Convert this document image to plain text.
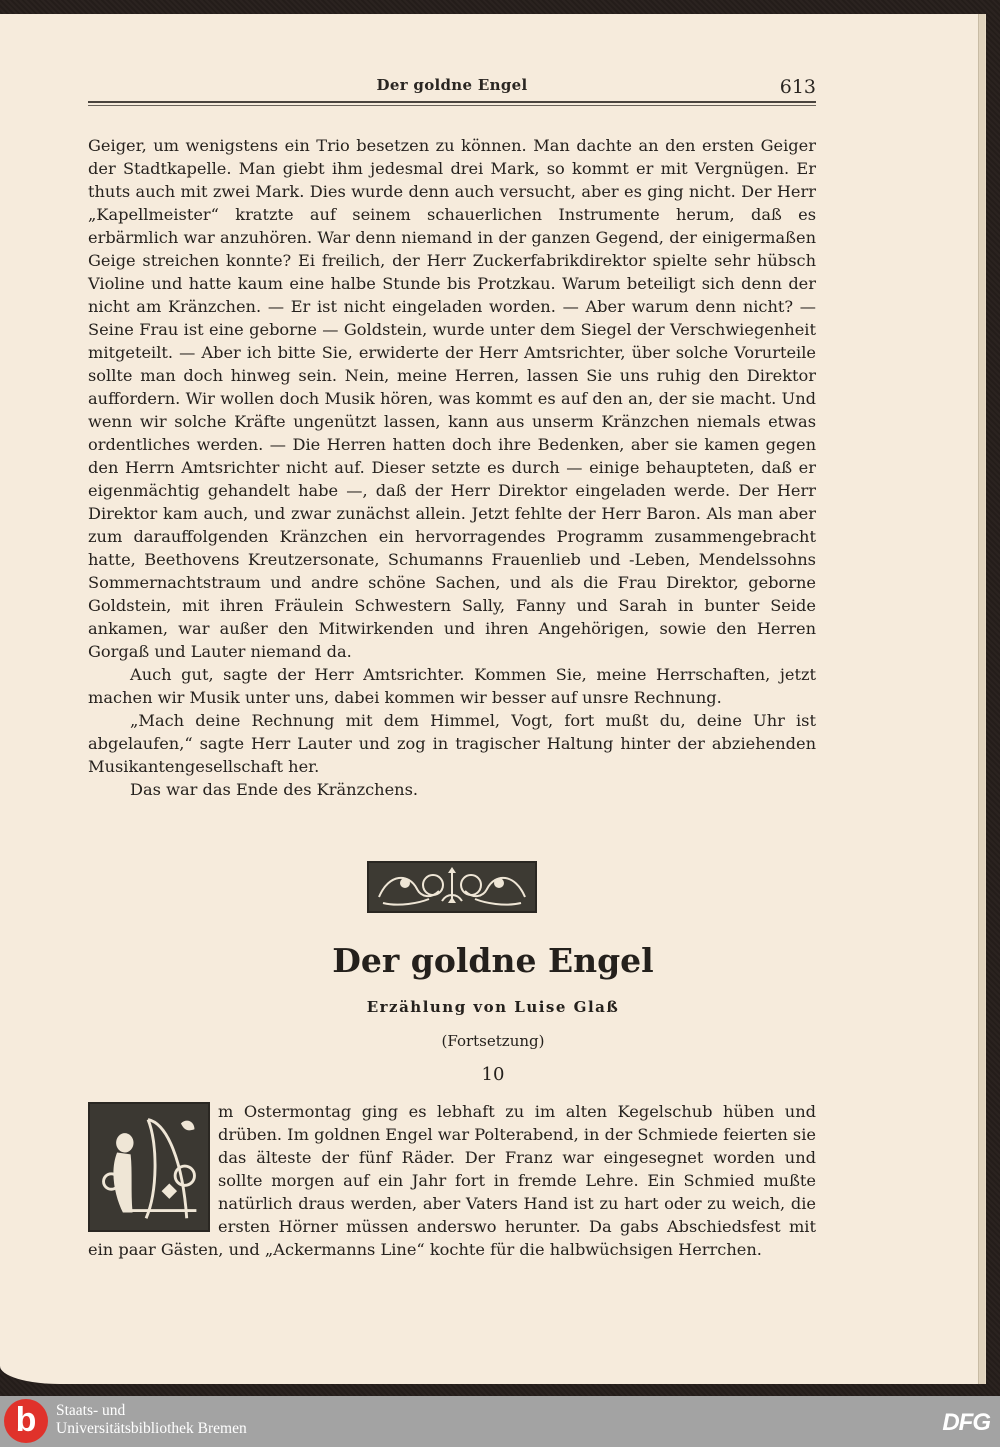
Der goldne Engel	613

Geiger, um wenigstens ein Trio besetzen zu können. Man dachte an den ersten Geiger der Stadtkapelle. Man giebt ihm jedesmal drei Mark, so kommt er mit Vergnügen. Er thuts auch mit zwei Mark. Dies wurde denn auch versucht, aber es ging nicht. Der Herr „Kapellmeister“ kratzte auf seinem schauerlichen Instrumente herum, daß es erbärmlich war anzuhören. War denn niemand in der ganzen Gegend, der einigermaßen Geige streichen konnte? Ei freilich, der Herr Zuckerfabrikdirektor spielte sehr hübsch Violine und hatte kaum eine halbe Stunde bis Protzkau. Warum beteiligt sich denn der nicht am Kränzchen. — Er ist nicht eingeladen worden. — Aber warum denn nicht? — Seine Frau ist eine geborne — Goldstein, wurde unter dem Siegel der Verschwiegenheit mitgeteilt. — Aber ich bitte Sie, erwiderte der Herr Amtsrichter, über solche Vorurteile sollte man doch hinweg sein. Nein, meine Herren, lassen Sie uns ruhig den Direktor auffordern. Wir wollen doch Musik hören, was kommt es auf den an, der sie macht. Und wenn wir solche Kräfte ungenützt lassen, kann aus unserm Kränzchen niemals etwas ordentliches werden. — Die Herren hatten doch ihre Bedenken, aber sie kamen gegen den Herrn Amtsrichter nicht auf. Dieser setzte es durch — einige behaupteten, daß er eigenmächtig gehandelt habe —, daß der Herr Direktor eingeladen werde. Der Herr Direktor kam auch, und zwar zunächst allein. Jetzt fehlte der Herr Baron. Als man aber zum darauffolgenden Kränzchen ein hervorragendes Programm zusammengebracht hatte, Beethovens Kreutzersonate, Schumanns Frauenlieb und -Leben, Mendelssohns Sommernachtstraum und andre schöne Sachen, und als die Frau Direktor, geborne Goldstein, mit ihren Fräulein Schwestern Sally, Fanny und Sarah in bunter Seide ankamen, war außer den Mitwirkenden und ihren Angehörigen, sowie den Herren Gorgaß und Lauter niemand da.

Auch gut, sagte der Herr Amtsrichter. Kommen Sie, meine Herrschaften, jetzt machen wir Musik unter uns, dabei kommen wir besser auf unsre Rechnung.

„Mach deine Rechnung mit dem Himmel, Vogt, fort mußt du, deine Uhr ist abgelaufen,“ sagte Herr Lauter und zog in tragischer Haltung hinter der abziehenden Musikantengesellschaft her.

Das war das Ende des Kränzchens.

Der goldne Engel
Erzählung von Luise Glaß
(Fortsetzung)
10
m Ostermontag ging es lebhaft zu im alten Kegelschub hüben und drüben. Im goldnen Engel war Polterabend, in der Schmiede feierten sie das älteste der fünf Räder. Der Franz war eingesegnet worden und sollte morgen auf ein Jahr fort in fremde Lehre. Ein Schmied mußte natürlich draus werden, aber Vaters Hand ist zu hart oder zu weich, die ersten Hörner müssen anderswo herunter. Da gabs Abschiedsfest mit ein paar Gästen, und „Ackermanns Line“ kochte für die halbwüchsigen Herrchen.
b	Staats- und
Universitätsbibliothek Bremen	DFG
